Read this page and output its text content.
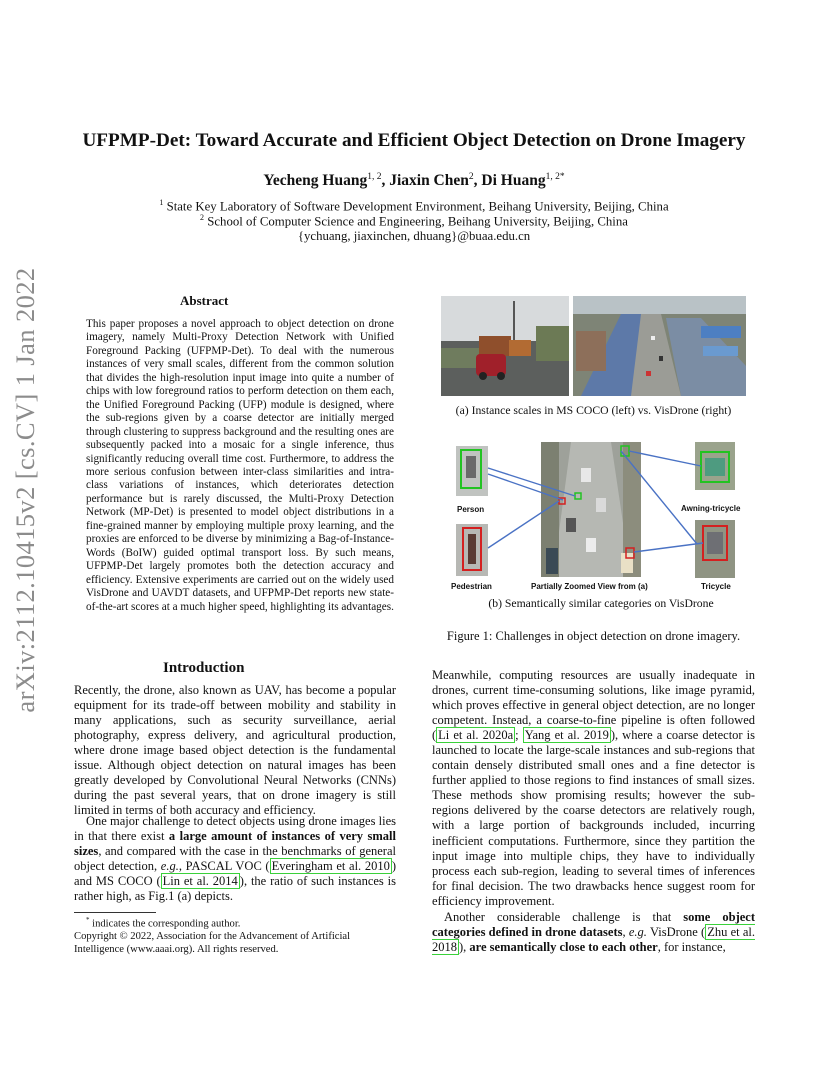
arXiv:2112.10415v2 [cs.CV] 1 Jan 2022
UFPMP-Det: Toward Accurate and Efficient Object Detection on Drone Imagery
Yecheng Huang$^{1, 2}$, Jiaxin Chen$^2$, Di Huang$^{1, 2*}$
$^1$ State Key Laboratory of Software Development Environment, Beihang University, Beijing, China
$^2$ School of Computer Science and Engineering, Beihang University, Beijing, China
{ychuang, jiaxinchen, dhuang}@buaa.edu.cn
Abstract
This paper proposes a novel approach to object detection on drone imagery, namely Multi-Proxy Detection Network with Unified Foreground Packing (UFPMP-Det). To deal with the numerous instances of very small scales, different from the common solution that divides the high-resolution input image into quite a number of chips with low foreground ratios to perform detection on them each, the Unified Foreground Packing (UFP) module is designed, where the sub-regions given by a coarse detector are initially merged through clustering to suppress background and the resulting ones are subsequently packed into a mosaic for a single inference, thus significantly reducing overall time cost. Furthermore, to address the more serious confusion between inter-class similarities and intra-class variations of instances, which deteriorates detection performance but is rarely discussed, the Multi-Proxy Detection Network (MP-Det) is presented to model object distributions in a fine-grained manner by employing multiple proxy learning, and the proxies are enforced to be diverse by minimizing a Bag-of-Instance-Words (BoIW) guided optimal transport loss. By such means, UFPMP-Det largely promotes both the detection accuracy and efficiency. Extensive experiments are carried out on the widely used VisDrone and UAVDT datasets, and UFPMP-Det reports new state-of-the-art scores at a much higher speed, highlighting its advantages.
Introduction
Recently, the drone, also known as UAV, has become a popular equipment for its trade-off between mobility and stability in many applications, such as security surveillance, aerial photography, express delivery, and agricultural production, where drone image based object detection is the fundamental issue. Although object detection on natural images has been greatly developed by Convolutional Neural Networks (CNNs) during the past several years, that on drone imagery is still limited in terms of both accuracy and efficiency.
One major challenge to detect objects using drone images lies in that there exist a large amount of instances of very small sizes, and compared with the case in the benchmarks of general object detection, e.g., PASCAL VOC ( Everingham et al. 2010 ) and MS COCO ( Lin et al. 2014 ), the ratio of such instances is rather high, as Fig.1 (a) depicts.
* indicates the corresponding author.
Copyright © 2022, Association for the Advancement of Artificial Intelligence (www.aaai.org). All rights reserved.
(a) Instance scales in MS COCO (left) vs. VisDrone (right)
Person
Pedestrian	Partially Zoomed View from (a)
Awning-tricycle
Tricycle
(b) Semantically similar categories on VisDrone
Figure 1: Challenges in object detection on drone imagery.
Meanwhile, computing resources are usually inadequate in drones, current time-consuming solutions, like image pyramid, which proves effective in general object detection, are no longer competent. Instead, a coarse-to-fine pipeline is often followed ( Li et al. 2020a ; Yang et al. 2019 ), where a coarse detector is launched to locate the large-scale instances and sub-regions that contain densely distributed small ones and a fine detector is further applied to those regions to find instances of small sizes. These methods show promising results; however the sub-regions delivered by the coarse detectors are relatively rough, with a large portion of backgrounds included, incurring inefficient computations. Furthermore, since they partition the input image into multiple chips, they have to individually process each sub-region, leading to several times of inferences for final decision. The two drawbacks hence suggest room for efficiency improvement.
Another considerable challenge is that some object categories defined in drone datasets, e.g. VisDrone ( Zhu et al. 2018 ), are semantically close to each other, for instance,
